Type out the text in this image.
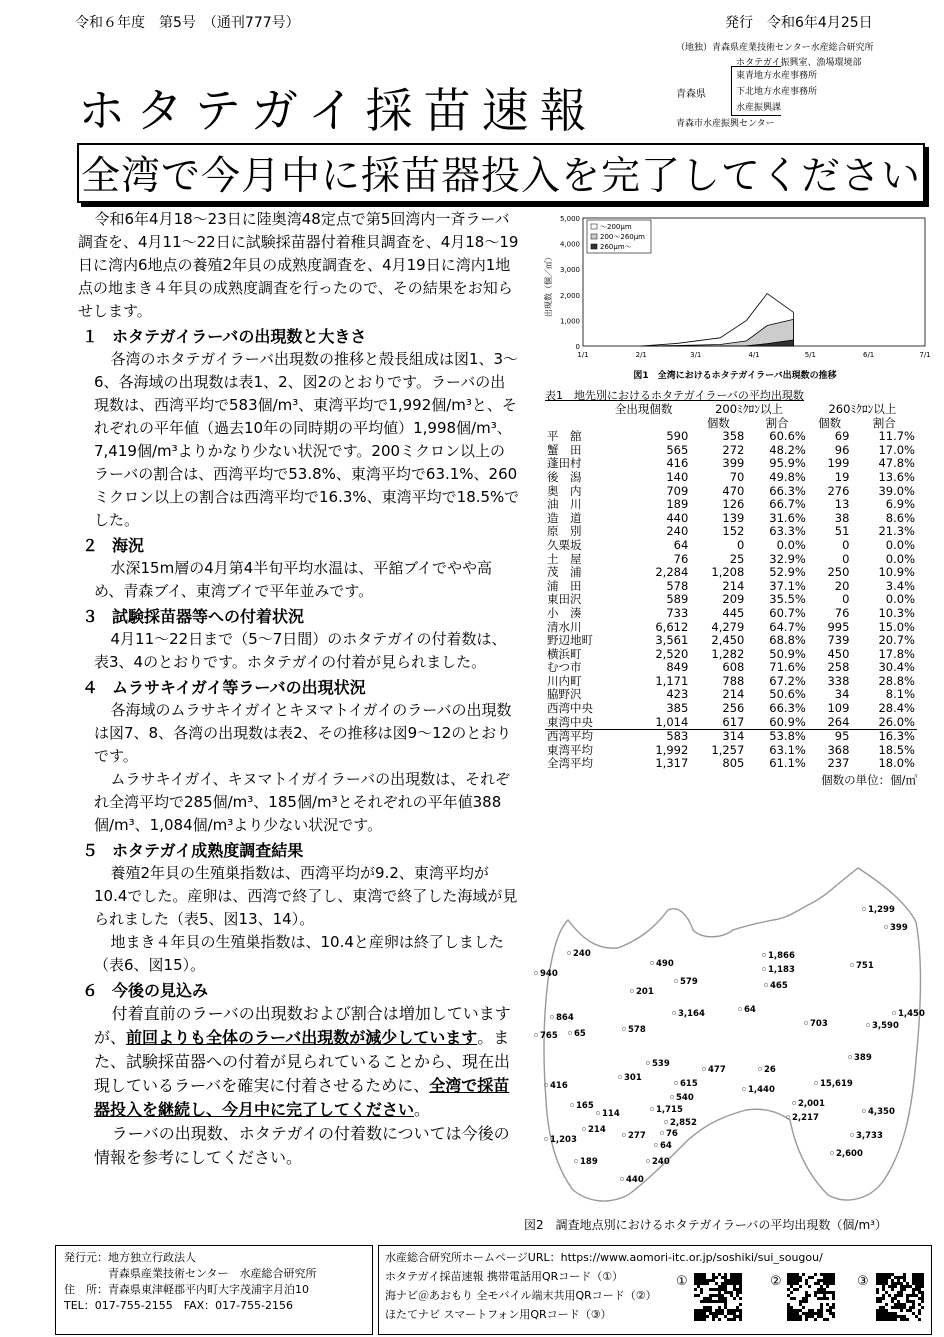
令和６年度　第5号　（通刊777号）	発行　令和6年4月25日
ホタテガイ採苗速報
（地独）青森県産業技術センター水産総合研究所
ホタテガイ振興室、漁場環境部
青森県
東青地方水産事務所
下北地方水産事務所
水産振興課
青森市水産振興センター
全湾で今月中に採苗器投入を完了してください

令和6年4月18～23日に陸奥湾48定点で第5回湾内一斉ラーバ調査を、4月11～22日に試験採苗器付着稚貝調査を、4月18～19日に湾内6地点の養殖2年貝の成熟度調査を、4月19日に湾内1地点の地まき４年貝の成熟度調査を行ったので、その結果をお知らせします。

１ ホタテガイラーバの出現数と大きさ

各湾のホタテガイラーバ出現数の推移と殻長組成は図1、3～6、各海域の出現数は表1、2、図2のとおりです。ラーバの出現数は、西湾平均で583個/m³、東湾平均で1,992個/m³と、それぞれの平年値（過去10年の同時期の平均値）1,998個/m³、7,419個/m³よりかなり少ない状況です。200ミクロン以上のラーバの割合は、西湾平均で53.8%、東湾平均で63.1%、260ミクロン以上の割合は西湾平均で16.3%、東湾平均で18.5%でした。

２ 海況

水深15m層の4月第4半旬平均水温は、平舘ブイでやや高め、青森ブイ、東湾ブイで平年並みです。

３ 試験採苗器等への付着状況

4月11～22日まで（5～7日間）のホタテガイの付着数は、表3、4のとおりです。ホタテガイの付着が見られました。

４ ムラサキイガイ等ラーバの出現状況

各海域のムラサキイガイとキヌマトイガイのラーバの出現数は図7、8、各湾の出現数は表2、その推移は図9～12のとおりです。

ムラサキイガイ、キヌマトイガイラーバの出現数は、それぞれ全湾平均で285個/m³、185個/m³とそれぞれの平年値388個/m³、1,084個/m³より少ない状況です。

５ ホタテガイ成熟度調査結果

養殖2年貝の生殖巣指数は、西湾平均が9.2、東湾平均が10.4でした。産卵は、西湾で終了し、東湾で終了した海域が見られました（表5、図13、14）。

地まき４年貝の生殖巣指数は、10.4と産卵は終了しました（表6、図15）。

６ 今後の見込み

付着直前のラーバの出現数および割合は増加していますが、前回よりも全体のラーバ出現数が減少しています。また、試験採苗器への付着が見られていることから、現在出現しているラーバを確実に付着させるために、全湾で採苗器投入を継続し、今月中に完了してください。

ラーバの出現数、ホタテガイの付着数については今後の情報を参考にしてください。

5,000
4,000
3,000
2,000
1,000
0
1/1	2/1	3/1	4/1	5/1	6/1	7/1
出現数（個／㎥）
図1　全湾におけるホタテガイラーバ出現数の推移
～200μm
200～260μm
260μm～
表1　地先別におけるホタテガイラーバの平均出現数
	全出現個数	200ﾐｸﾛﾝ以上		260ﾐｸﾛﾝ以上	
		個数	割合	個数	割合
平　舘	590	358	60.6%	69	11.7%
蟹　田	565	272	48.2%	96	17.0%
蓬田村	416	399	95.9%	199	47.8%
後　潟	140	70	49.8%	19	13.6%
奥　内	709	470	66.3%	276	39.0%
油　川	189	126	66.7%	13	6.9%
造　道	440	139	31.6%	38	8.6%
原　別	240	152	63.3%	51	21.3%
久栗坂	64	0	0.0%	0	0.0%
土　屋	76	25	32.9%	0	0.0%
茂　浦	2,284	1,208	52.9%	250	10.9%
浦　田	578	214	37.1%	20	3.4%
東田沢	589	209	35.5%	0	0.0%
小　湊	733	445	60.7%	76	10.3%
清水川	6,612	4,279	64.7%	995	15.0%
野辺地町	3,561	2,450	68.8%	739	20.7%
横浜町	2,520	1,282	50.9%	450	17.8%
むつ市	849	608	71.6%	258	30.4%
川内町	1,171	788	67.2%	338	28.8%
脇野沢	423	214	50.6%	34	8.1%
西湾中央	385	256	66.3%	109	28.4%
東湾中央	1,014	617	60.9%	264	26.0%
西湾平均	583	314	53.8%	95	16.3%
東湾平均	1,992	1,257	63.1%	368	18.5%
全湾平均	1,317	805	61.1%	237	18.0%
個数の単位：個/㎥
1,299
399
240
940
490
1,866
1,183	751
579
201
465
864
765 65	578
3,164	64
703	3,590
1,450
389
539
301
477	26
1,440
615
540
15,619
416
165
114
214
1,715
2,852
2,001
4,350
2,217
277 76
64
1,203	3,733
2,600
240
189
440
図2　調査地点別におけるホタテガイラーバの平均出現数（個/m³）
発行元：地方独立行政法人
青森県産業技術センター　水産総合研究所
住　所：青森県東津軽郡平内町大字茂浦字月泊10
TEL：017-755-2155　FAX：017-755-2156
水産総合研究所ホームページURL：https://www.aomori-itc.or.jp/soshiki/sui_sougou/
ホタテガイ採苗速報 携帯電話用QRコード（①）
海ナビ＠あおもり 全モバイル端末共用QRコード（②）
ほたてナビ スマートフォン用QRコード（③）
①	②	③
